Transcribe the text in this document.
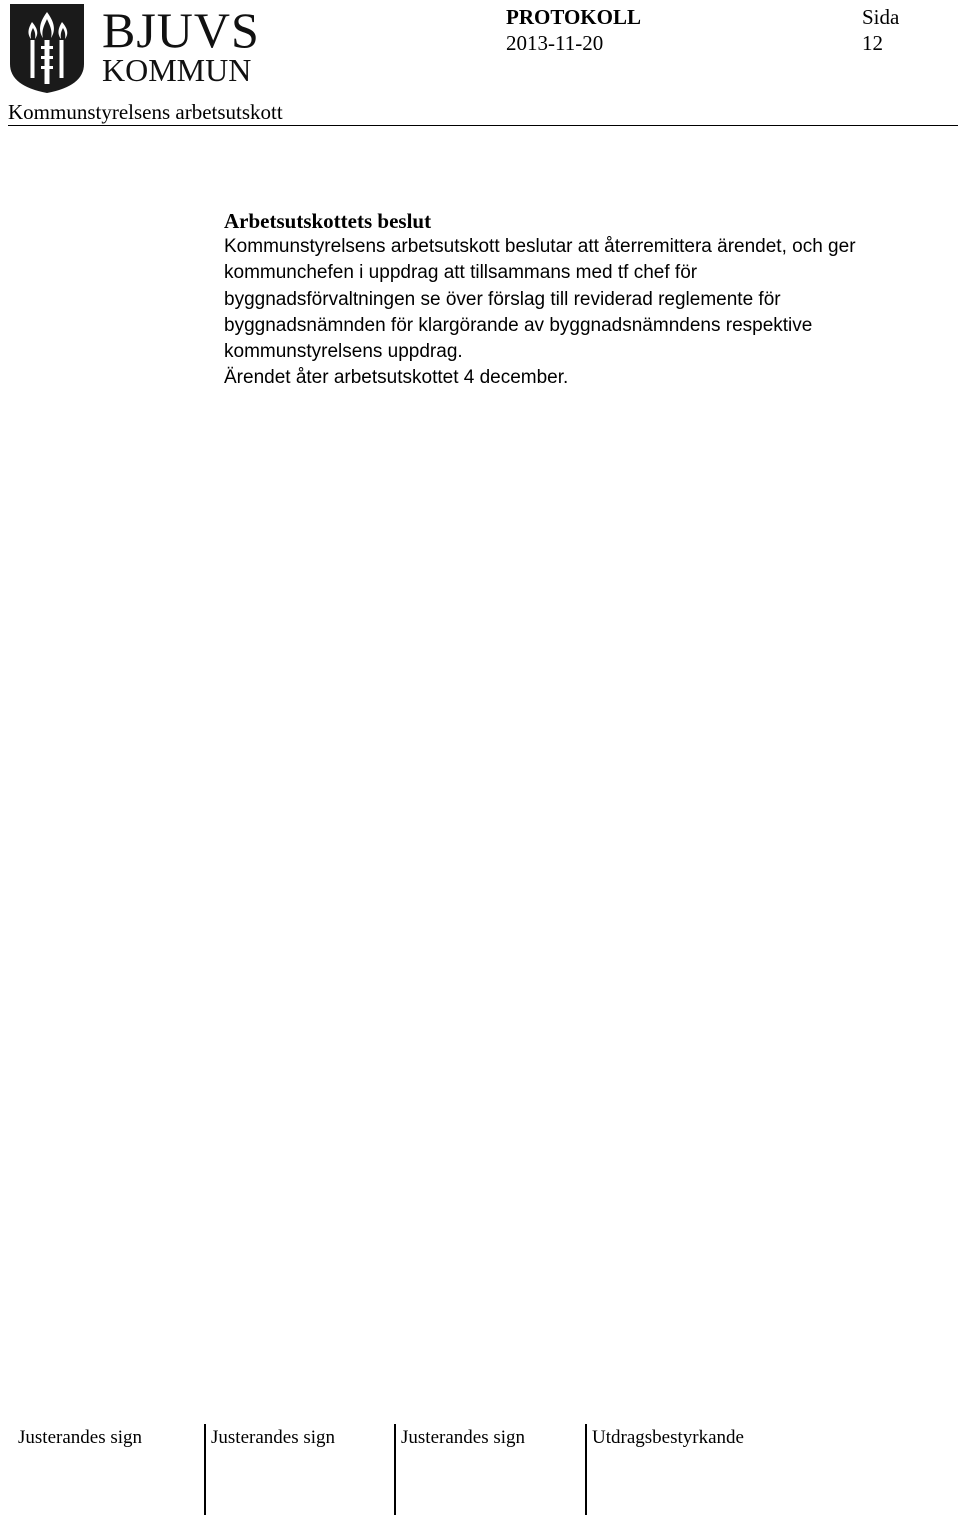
BJUVS
KOMMUN
PROTOKOLL
2013-11-20
Sida
12
Kommunstyrelsens arbetsutskott

Arbetsutskottets beslut

Kommunstyrelsens arbetsutskott beslutar att återremittera ärendet, och ger
kommunchefen i uppdrag att tillsammans med tf chef för
byggnadsförvaltningen se över förslag till reviderad reglemente för
byggnadsnämnden för klargörande av byggnadsnämndens respektive
kommunstyrelsens uppdrag.
Ärendet åter arbetsutskottet 4 december.

Justerandes sign	Justerandes sign	Justerandes sign	Utdragsbestyrkande
